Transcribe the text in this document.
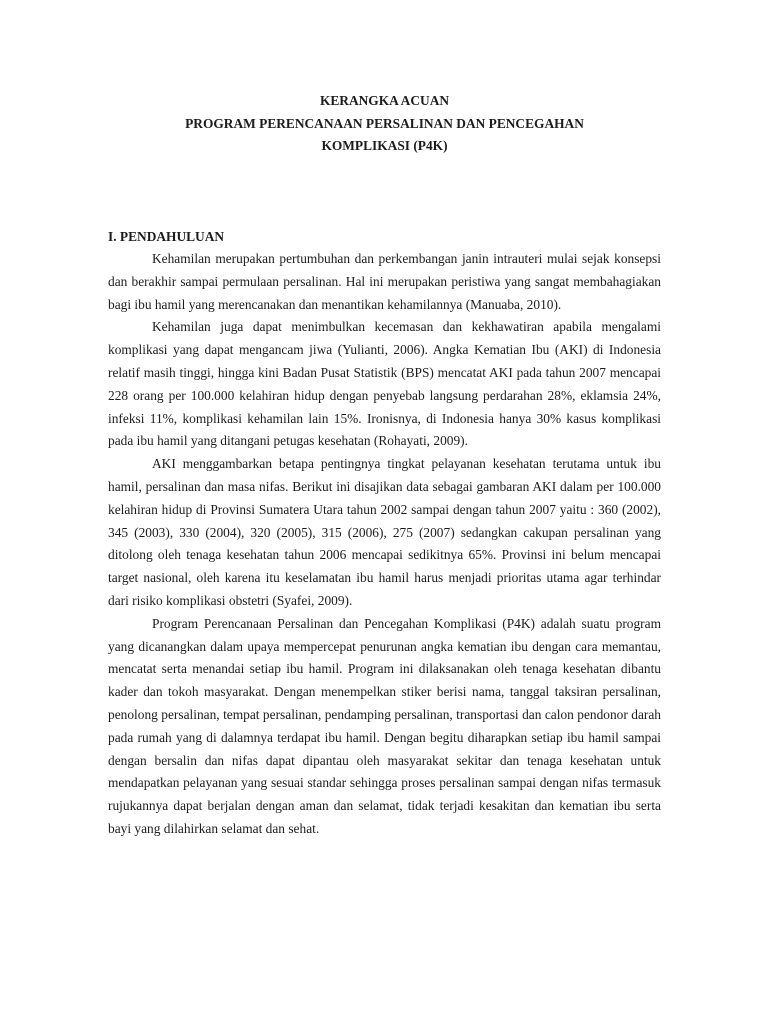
KERANGKA ACUAN

PROGRAM PERENCANAAN PERSALINAN DAN PENCEGAHAN

KOMPLIKASI (P4K)

I. PENDAHULUAN

Kehamilan merupakan pertumbuhan dan perkembangan janin intrauteri mulai sejak konsepsi dan berakhir sampai permulaan persalinan. Hal ini merupakan peristiwa yang sangat membahagiakan bagi ibu hamil yang merencanakan dan menantikan kehamilannya (Manuaba, 2010).

Kehamilan juga dapat menimbulkan kecemasan dan kekhawatiran apabila mengalami komplikasi yang dapat mengancam jiwa (Yulianti, 2006). Angka Kematian Ibu (AKI) di Indonesia relatif masih tinggi, hingga kini Badan Pusat Statistik (BPS) mencatat AKI pada tahun 2007 mencapai 228 orang per 100.000 kelahiran hidup dengan penyebab langsung perdarahan 28%, eklamsia 24%, infeksi 11%, komplikasi kehamilan lain 15%. Ironisnya, di Indonesia hanya 30% kasus komplikasi pada ibu hamil yang ditangani petugas kesehatan (Rohayati, 2009).

AKI menggambarkan betapa pentingnya tingkat pelayanan kesehatan terutama untuk ibu hamil, persalinan dan masa nifas. Berikut ini disajikan data sebagai gambaran AKI dalam per 100.000 kelahiran hidup di Provinsi Sumatera Utara tahun 2002 sampai dengan tahun 2007 yaitu : 360 (2002), 345 (2003), 330 (2004), 320 (2005), 315 (2006), 275 (2007) sedangkan cakupan persalinan yang ditolong oleh tenaga kesehatan tahun 2006 mencapai sedikitnya 65%. Provinsi ini belum mencapai target nasional, oleh karena itu keselamatan ibu hamil harus menjadi prioritas utama agar terhindar dari risiko komplikasi obstetri (Syafei, 2009).

Program Perencanaan Persalinan dan Pencegahan Komplikasi (P4K) adalah suatu program yang dicanangkan dalam upaya mempercepat penurunan angka kematian ibu dengan cara memantau, mencatat serta menandai setiap ibu hamil. Program ini dilaksanakan oleh tenaga kesehatan dibantu kader dan tokoh masyarakat. Dengan menempelkan stiker berisi nama, tanggal taksiran persalinan, penolong persalinan, tempat persalinan, pendamping persalinan, transportasi dan calon pendonor darah pada rumah yang di dalamnya terdapat ibu hamil. Dengan begitu diharapkan setiap ibu hamil sampai dengan bersalin dan nifas dapat dipantau oleh masyarakat sekitar dan tenaga kesehatan untuk mendapatkan pelayanan yang sesuai standar sehingga proses persalinan sampai dengan nifas termasuk rujukannya dapat berjalan dengan aman dan selamat, tidak terjadi kesakitan dan kematian ibu serta bayi yang dilahirkan selamat dan sehat.
